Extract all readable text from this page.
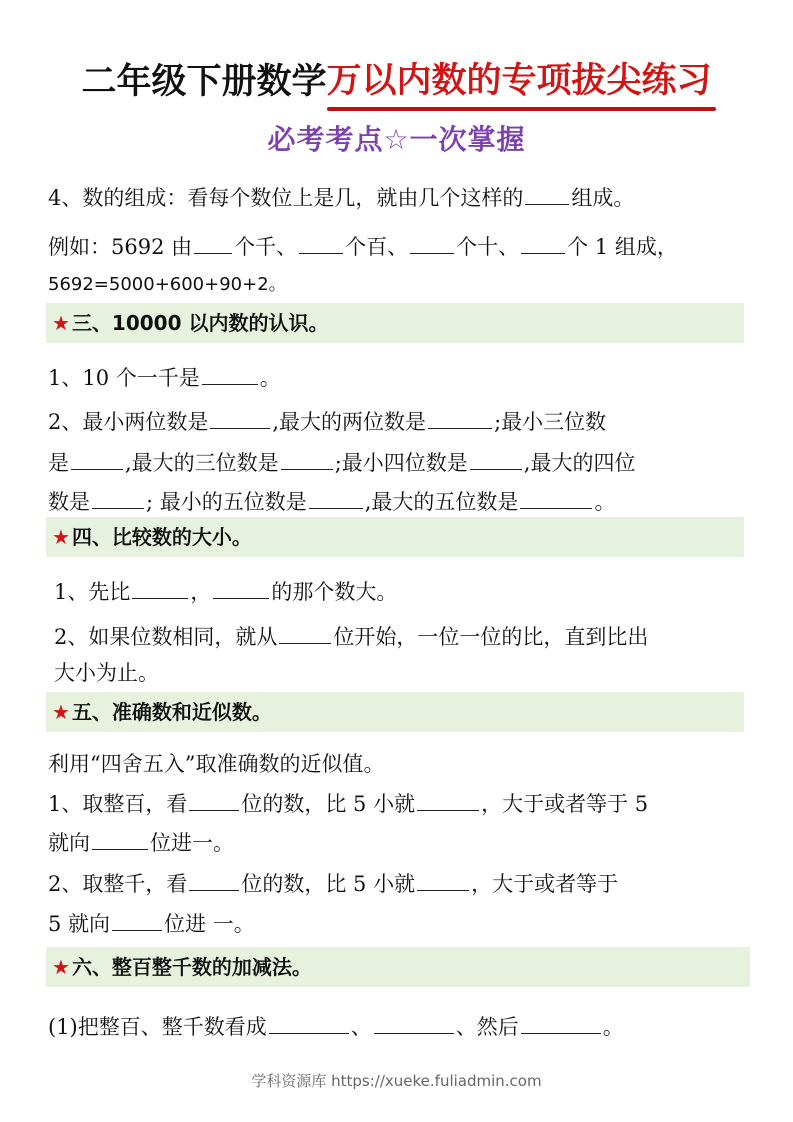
二年级下册数学 万以内数的专项拔尖练习
必考考点☆一次掌握
4、数的组成：看每个数位上是几，就由几个这样的 组成。
例如：5692 由 个千、 个百、 个十、 个 1 组成，
5692=5000+600+90+2。
★ 三、10000 以内数的认识。
1、10 个一千是	。
2、最小两位数是	,最大的两位数是	;最小三位数
是	,最大的三位数是	;最小四位数是	,最大的四位
数是	; 最小的五位数是	,最大的五位数是	。
★ 四、比较数的大小。
1、先比	，	的那个数大。
2、如果位数相同，就从	位开始，一位一位的比，直到比出
大小为止。
★ 五、准确数和近似数。
利用“四舍五入”取准确数的近似值。
1、取整百，看	位的数，比 5 小就	，大于或者等于 5
就向	位进一。
2、取整千，看	位的数，比 5 小就	，大于或者等于
5 就向	位进 一。
★ 六、整百整千数的加减法。
(1)把整百、整千数看成	、	、然后	。
学科资源库 https://xueke.fuliadmin.com
